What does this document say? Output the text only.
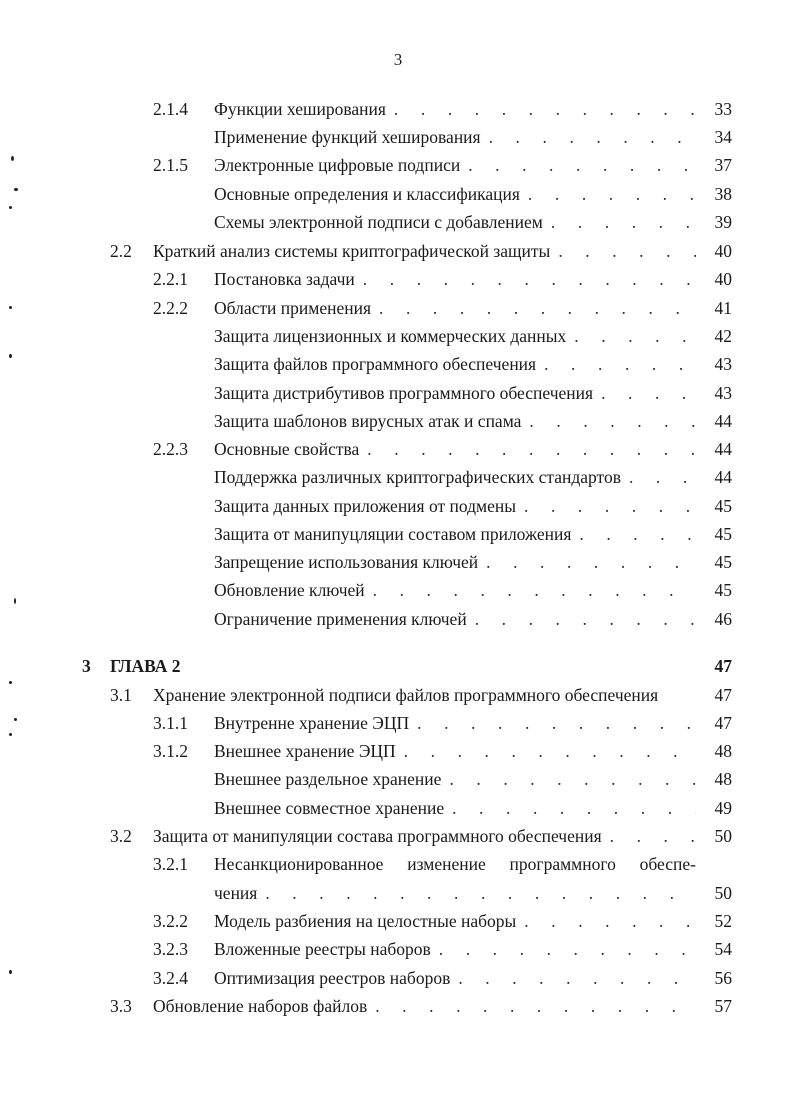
3
2.1.4 Функции хеширования . . .	33
Применение функций хеширования . . .	34
2.1.5 Электронные цифровые подписи . . .	37
Основные определения и классификация . . .	38
Схемы электронной подписи с добавлением . . .	39
2.2 Краткий анализ системы криптографической защиты . . .	40
2.2.1 Постановка задачи . . .	40
2.2.2 Области применения . . .	41
Защита лицензионных и коммерческих данных . . .	42
Защита файлов программного обеспечения . . .	43
Защита дистрибутивов программного обеспечения . . .	43
Защита шаблонов вирусных атак и спама . . .	44
2.2.3 Основные свойства . . .	44
Поддержка различных криптографических стандартов . . .	44
Защита данных приложения от подмены . . .	45
Защита от манипуцляции составом приложения . . .	45
Запрещение использования ключей . . .	45
Обновление ключей . . .	45
Ограничение применения ключей . . .	46
3 ГЛАВА 2	47
3.1 Хранение электронной подписи файлов программного обеспечения	47
3.1.1 Внутренне хранение ЭЦП . . .	47
3.1.2 Внешнее хранение ЭЦП . . .	48
Внешнее раздельное хранение . . .	48
Внешнее совместное хранение . . .	49
3.2 Защита от манипуляции состава программного обеспечения . . .	50
3.2.1 Несанкционированное изменение программного обеспе-
чения . . .	50
3.2.2 Модель разбиения на целостные наборы . . .	52
3.2.3 Вложенные реестры наборов . . .	54
3.2.4 Оптимизация реестров наборов . . .	56
3.3 Обновление наборов файлов . . .	57
